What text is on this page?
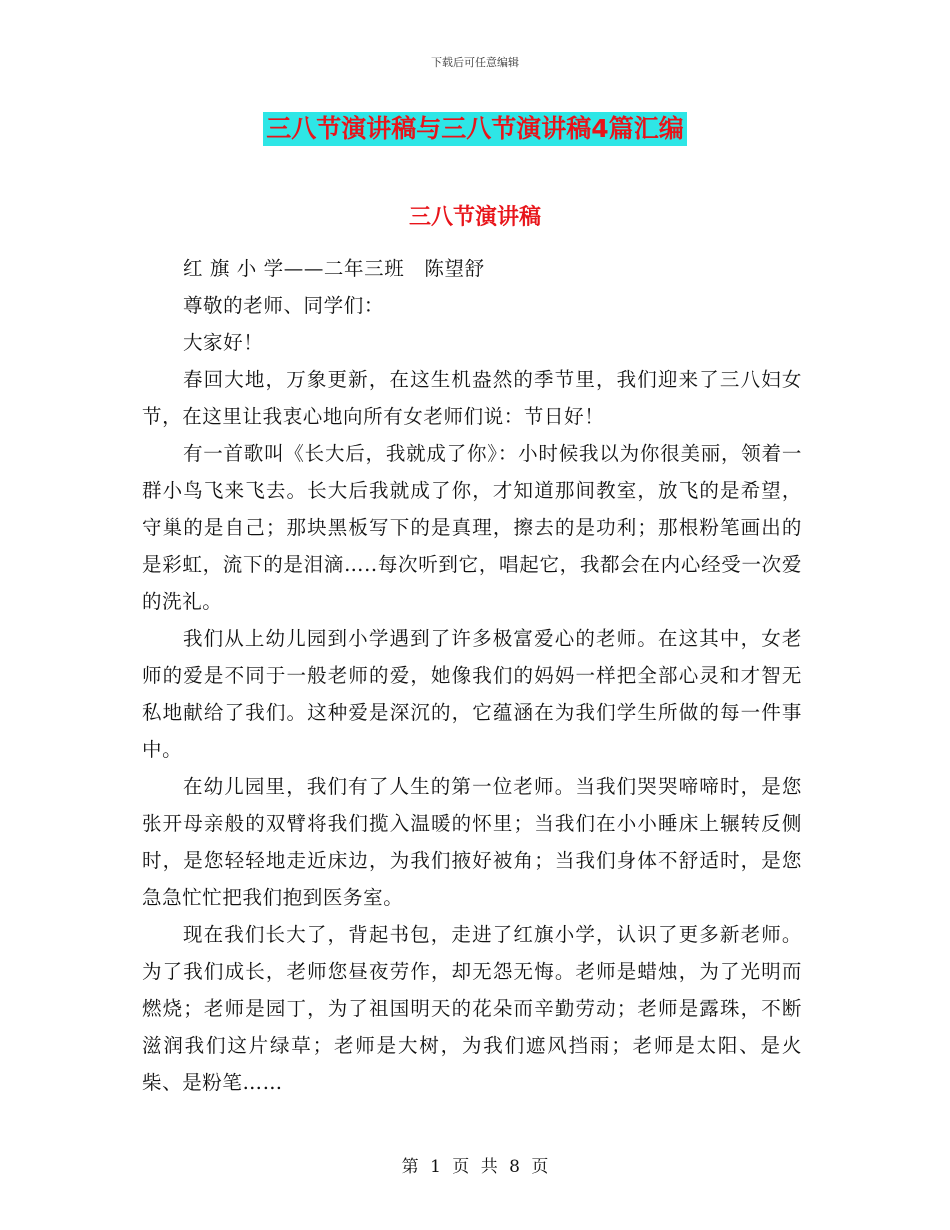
下载后可任意编辑
三八节演讲稿与三八节演讲稿4篇汇编
三八节演讲稿

红 旗 小 学——二年三班　陈望舒

尊敬的老师、同学们：

大家好！

春回大地，万象更新，在这生机盎然的季节里，我们迎来了三八妇女节，在这里让我衷心地向所有女老师们说：节日好！

有一首歌叫《长大后，我就成了你》：小时候我以为你很美丽，领着一群小鸟飞来飞去。长大后我就成了你，才知道那间教室，放飞的是希望，守巢的是自己；那块黑板写下的是真理，擦去的是功利；那根粉笔画出的是彩虹，流下的是泪滴…..每次听到它，唱起它，我都会在内心经受一次爱的洗礼。

我们从上幼儿园到小学遇到了许多极富爱心的老师。在这其中，女老师的爱是不同于一般老师的爱，她像我们的妈妈一样把全部心灵和才智无私地献给了我们。这种爱是深沉的，它蕴涵在为我们学生所做的每一件事中。

在幼儿园里，我们有了人生的第一位老师。当我们哭哭啼啼时，是您张开母亲般的双臂将我们揽入温暖的怀里；当我们在小小睡床上辗转反侧时，是您轻轻地走近床边，为我们掖好被角；当我们身体不舒适时，是您急急忙忙把我们抱到医务室。

现在我们长大了，背起书包，走进了红旗小学，认识了更多新老师。为了我们成长，老师您昼夜劳作，却无怨无悔。老师是蜡烛，为了光明而燃烧；老师是园丁，为了祖国明天的花朵而辛勤劳动；老师是露珠，不断滋润我们这片绿草；老师是大树，为我们遮风挡雨；老师是太阳、是火柴、是粉笔……

第 1 页 共 8 页
